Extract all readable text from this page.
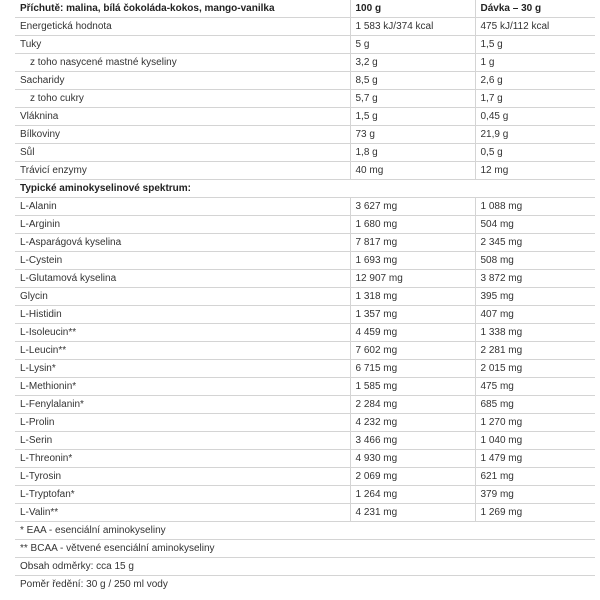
Příchutě: malina, bílá čokoláda-kokos, mango-vanilka	100 g	Dávka – 30 g
Energetická hodnota	1 583 kJ/374 kcal	475 kJ/112 kcal
Tuky	5 g	1,5 g
z toho nasycené mastné kyseliny	3,2 g	1 g
Sacharidy	8,5 g	2,6 g
z toho cukry	5,7 g	1,7 g
Vláknina	1,5 g	0,45 g
Bílkoviny	73 g	21,9 g
Sůl	1,8 g	0,5 g
Trávicí enzymy	40 mg	12 mg
Typické aminokyselinové spektrum:		
L-Alanin	3 627 mg	1 088 mg
L-Arginin	1 680 mg	504 mg
L-Asparágová kyselina	7 817 mg	2 345 mg
L-Cystein	1 693 mg	508 mg
L-Glutamová kyselina	12 907 mg	3 872 mg
Glycin	1 318 mg	395 mg
L-Histidin	1 357 mg	407 mg
L-Isoleucin**	4 459 mg	1 338 mg
L-Leucin**	7 602 mg	2 281 mg
L-Lysin*	6 715 mg	2 015 mg
L-Methionin*	1 585 mg	475 mg
L-Fenylalanin*	2 284 mg	685 mg
L-Prolin	4 232 mg	1 270 mg
L-Serin	3 466 mg	1 040 mg
L-Threonin*	4 930 mg	1 479 mg
L-Tyrosin	2 069 mg	621 mg
L-Tryptofan*	1 264 mg	379 mg
L-Valin**	4 231 mg	1 269 mg
* EAA - esenciální aminokyseliny
** BCAA - větvené esenciální aminokyseliny
Obsah odměrky: cca 15 g
Poměr ředění: 30 g / 250 ml vody
